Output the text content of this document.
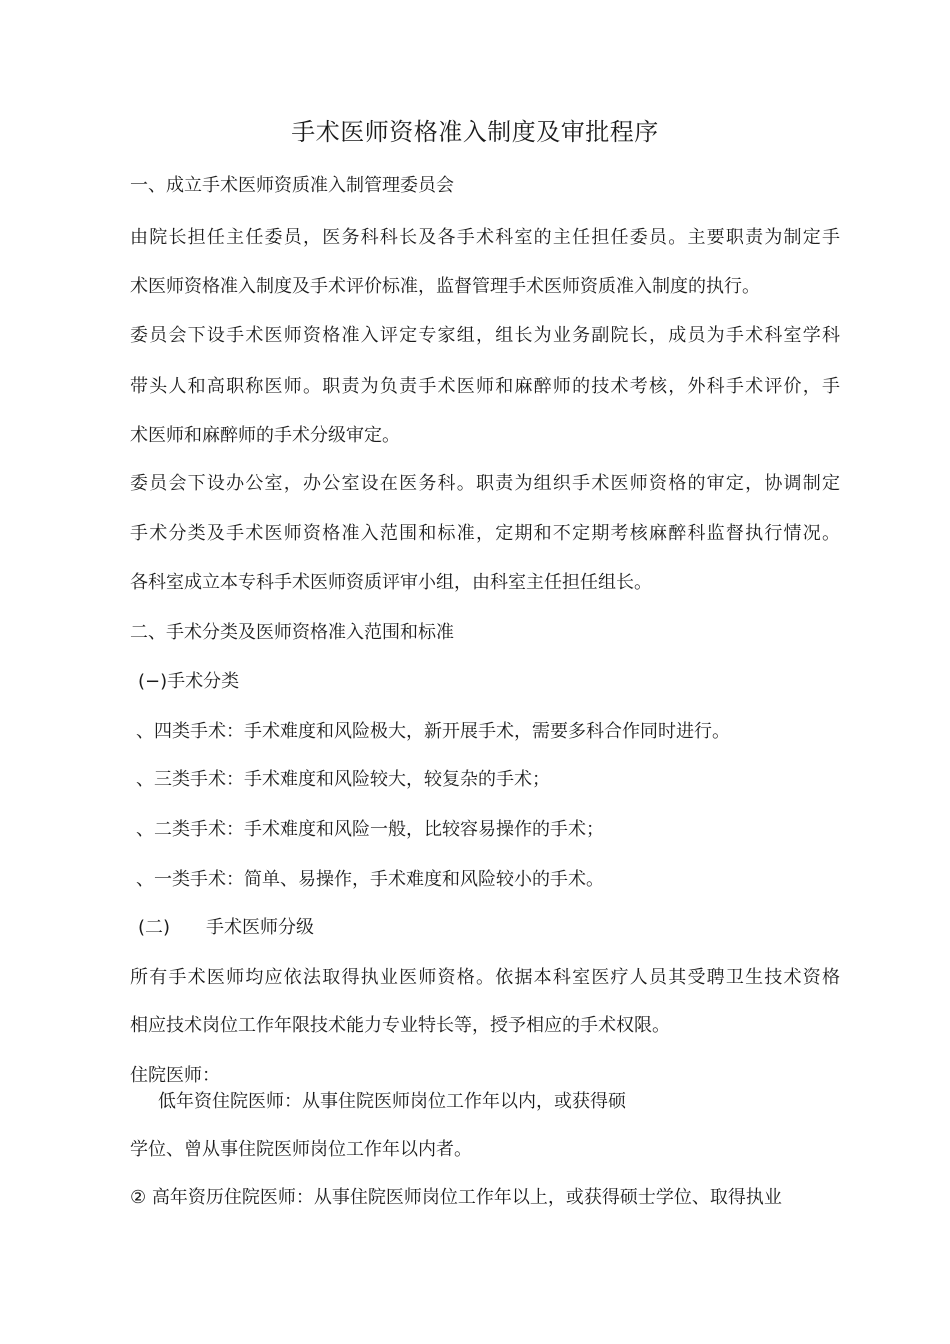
手术医师资格准入制度及审批程序
一、成立手术医师资质准入制管理委员会
由院长担任主任委员，医务科科长及各手术科室的主任担任委员。主要职责为制定手
术医师资格准入制度及手术评价标准，监督管理手术医师资质准入制度的执行。
委员会下设手术医师资格准入评定专家组，组长为业务副院长，成员为手术科室学科
带头人和高职称医师。职责为负责手术医师和麻醉师的技术考核，外科手术评价，手
术医师和麻醉师的手术分级审定。
委员会下设办公室，办公室设在医务科。职责为组织手术医师资格的审定，协调制定
手术分类及手术医师资格准入范围和标准，定期和不定期考核麻醉科监督执行情况。
各科室成立本专科手术医师资质评审小组，由科室主任担任组长。
二、手术分类及医师资格准入范围和标准
(−)手术分类
、四类手术：手术难度和风险极大，新开展手术，需要多科合作同时进行。
、三类手术：手术难度和风险较大，较复杂的手术；
、二类手术：手术难度和风险一般，比较容易操作的手术；
、一类手术：简单、易操作，手术难度和风险较小的手术。
(二) 手术医师分级
所有手术医师均应依法取得执业医师资格。依据本科室医疗人员其受聘卫生技术资格
相应技术岗位工作年限技术能力专业特长等，授予相应的手术权限。
住院医师：
低年资住院医师：从事住院医师岗位工作年以内，或获得硕
学位、曾从事住院医师岗位工作年以内者。
② 高年资历住院医师：从事住院医师岗位工作年以上，或获得硕士学位、取得执业
